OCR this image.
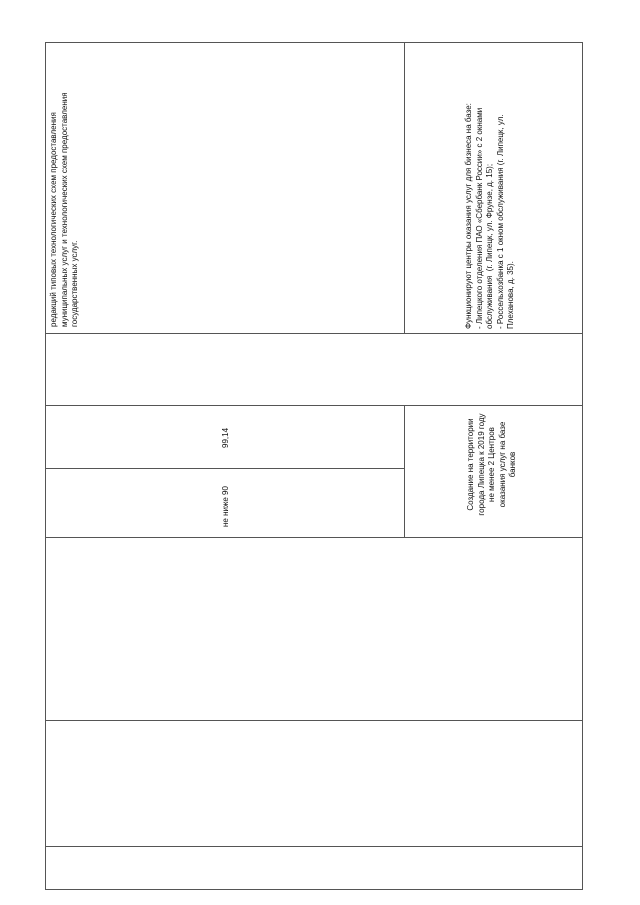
редакций типовых технологических схем предоставления
муниципальных услуг и технологических схем предоставления
государственных услуг.
Функционируют центры оказания услуг для бизнеса на базе:
- Липецкого отделения ПАО «Сбербанк России» с 2 окнами
обслуживания  (г. Липецк, ул. Фрунзе, д. 15);
- Россельхозбанка с 1 окном обслуживания (г. Липецк, ул.
Плеханова, д. 35).
99,14
не ниже 90	Создание на территории
города Липецка к 2019 году
не менее 2 Центров
оказания услуг на базе
банков
